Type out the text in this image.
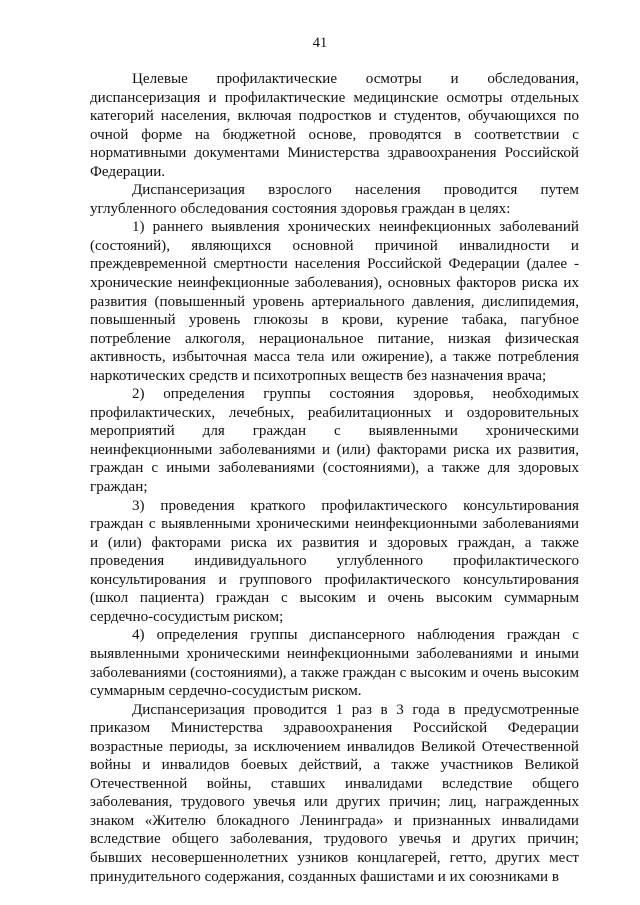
41

Целевые профилактические осмотры и обследования, диспансеризация и профилактические медицинские осмотры отдельных категорий населения, включая подростков и студентов, обучающихся по очной форме на бюджетной основе, проводятся в соответствии с нормативными документами Министерства здравоохранения Российской Федерации.

Диспансеризация взрослого населения проводится путем углубленного обследования состояния здоровья граждан в целях:

1) раннего выявления хронических неинфекционных заболеваний (состояний), являющихся основной причиной инвалидности и преждевременной смертности населения Российской Федерации (далее - хронические неинфекционные заболевания), основных факторов риска их развития (повышенный уровень артериального давления, дислипидемия, повышенный уровень глюкозы в крови, курение табака, пагубное потребление алкоголя, нерациональное питание, низкая физическая активность, избыточная масса тела или ожирение), а также потребления наркотических средств и психотропных веществ без назначения врача;

2) определения группы состояния здоровья, необходимых профилактических, лечебных, реабилитационных и оздоровительных мероприятий для граждан с выявленными хроническими неинфекционными заболеваниями и (или) факторами риска их развития, граждан с иными заболеваниями (состояниями), а также для здоровых граждан;

3) проведения краткого профилактического консультирования граждан с выявленными хроническими неинфекционными заболеваниями и (или) факторами риска их развития и здоровых граждан, а также проведения индивидуального углубленного профилактического консультирования и группового профилактического консультирования (школ пациента) граждан с высоким и очень высоким суммарным сердечно-сосудистым риском;

4) определения группы диспансерного наблюдения граждан с выявленными хроническими неинфекционными заболеваниями и иными заболеваниями (состояниями), а также граждан с высоким и очень высоким суммарным сердечно-сосудистым риском.

Диспансеризация проводится 1 раз в 3 года в предусмотренные приказом Министерства здравоохранения Российской Федерации возрастные периоды, за исключением инвалидов Великой Отечественной войны и инвалидов боевых действий, а также участников Великой Отечественной войны, ставших инвалидами вследствие общего заболевания, трудового увечья или других причин; лиц, награжденных знаком «Жителю блокадного Ленинграда» и признанных инвалидами вследствие общего заболевания, трудового увечья и других причин; бывших несовершеннолетних узников концлагерей, гетто, других мест принудительного содержания, созданных фашистами и их союзниками в
